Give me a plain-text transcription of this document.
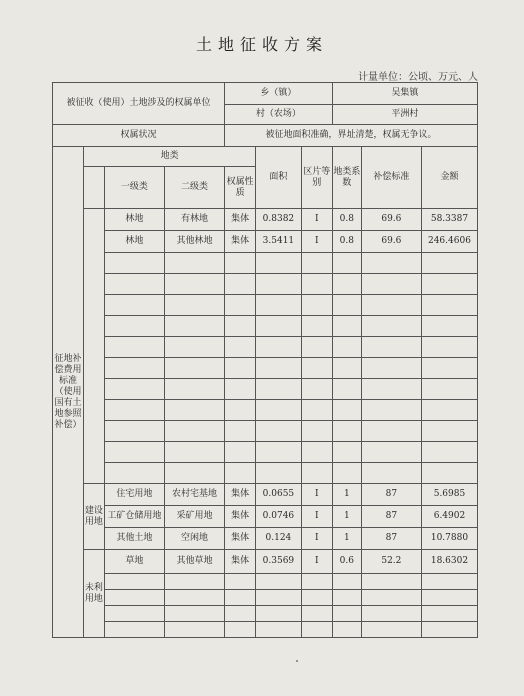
土地征收方案
计量单位：公顷、万元、人
被征收（使用）土地涉及的权属单位				乡（镇）			吴集镇		
				村（农场）			平洲村		
权属状况				被征地面积准确，界址清楚，权属无争议。					
征地补偿费用标准（使用国有土地参照补偿）	地类				面积	区片等别	地类系数	补偿标准	金额
		一级类	二级类	权属性质					
		林地	有林地	集体	0.8382	I	0.8	69.6	58.3387
		林地	其他林地	集体	3.5411	I	0.8	69.6	246.4606

	建设用地	住宅用地	农村宅基地	集体	0.0655	I	1	87	5.6985
		工矿仓储用地	采矿用地	集体	0.0746	I	1	87	6.4902
		其他土地	空闲地	集体	0.124	I	1	87	10.7880
	未利用地	草地	其他草地	集体	0.3569	I	0.6	52.2	18.6302
